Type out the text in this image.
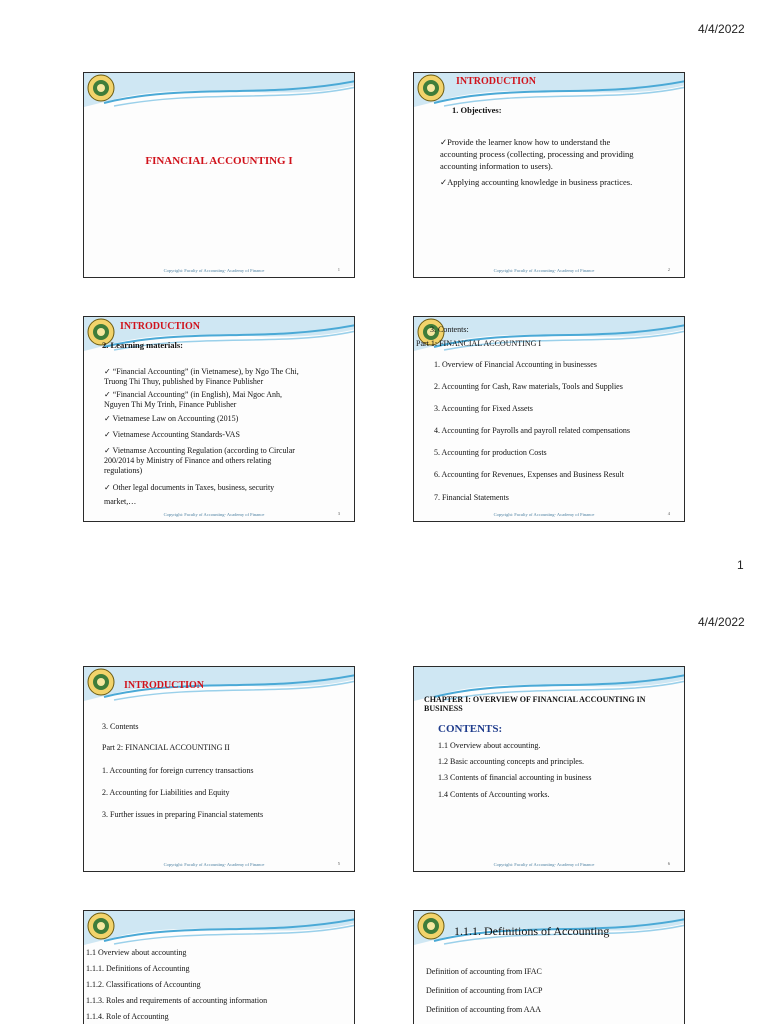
4/4/2022
FINANCIAL ACCOUNTING I
Copyright: Faculty of Accounting- Academy of Finance	1
INTRODUCTION
1. Objectives:
✓Provide the learner know how to understand the
accounting process (collecting, processing and providing
accounting information to users).
✓Applying accounting knowledge in business practices.
Copyright: Faculty of Accounting- Academy of Finance	2
INTRODUCTION
2. Learning materials:
✓ “Financial Accounting” (in Vietnamese), by Ngo The Chi,
Truong Thi Thuy, published by Finance Publisher
✓ “Financial Accounting” (in English), Mai Ngoc Anh,
Nguyen Thi My Trinh, Finance Publisher
✓ Vietnamese Law on Accounting (2015)
✓ Vietnamese Accounting Standards-VAS
✓ Vietnamse Accounting Regulation (according to Circular
200/2014 by Ministry of Finance and others relating
regulations)
✓ Other legal documents in Taxes, business, security
market,…
Copyright: Faculty of Accounting- Academy of Finance	3
3. Contents:
Part 1: FINANCIAL ACCOUNTING I
1. Overview of Financial Accounting in businesses
2. Accounting for Cash, Raw materials, Tools and Supplies
3. Accounting for Fixed Assets
4. Accounting for Payrolls and payroll related compensations
5. Accounting for production Costs
6. Accounting for Revenues, Expenses and Business Result
7. Financial Statements
Copyright: Faculty of Accounting- Academy of Finance	4
1
4/4/2022
INTRODUCTION
3. Contents
Part 2: FINANCIAL ACCOUNTING II
1. Accounting for foreign currency transactions
2. Accounting for Liabilities and Equity
3. Further issues in preparing Financial statements
Copyright: Faculty of Accounting- Academy of Finance	5
CHAPTER I: OVERVIEW OF FINANCIAL ACCOUNTING IN
BUSINESS
CONTENTS:
1.1 Overview about accounting.
1.2 Basic accounting concepts and principles.
1.3 Contents of financial accounting in business
1.4 Contents of Accounting works.
Copyright: Faculty of Accounting- Academy of Finance	6
1.1 Overview about accounting
1.1.1. Definitions of Accounting
1.1.2. Classifications of Accounting
1.1.3. Roles and requirements of accounting information
1.1.4. Role of Accounting
1.1.1. Definitions of Accounting
Definition of accounting from IFAC
Definition of accounting from IACP
Definition of accounting from AAA
